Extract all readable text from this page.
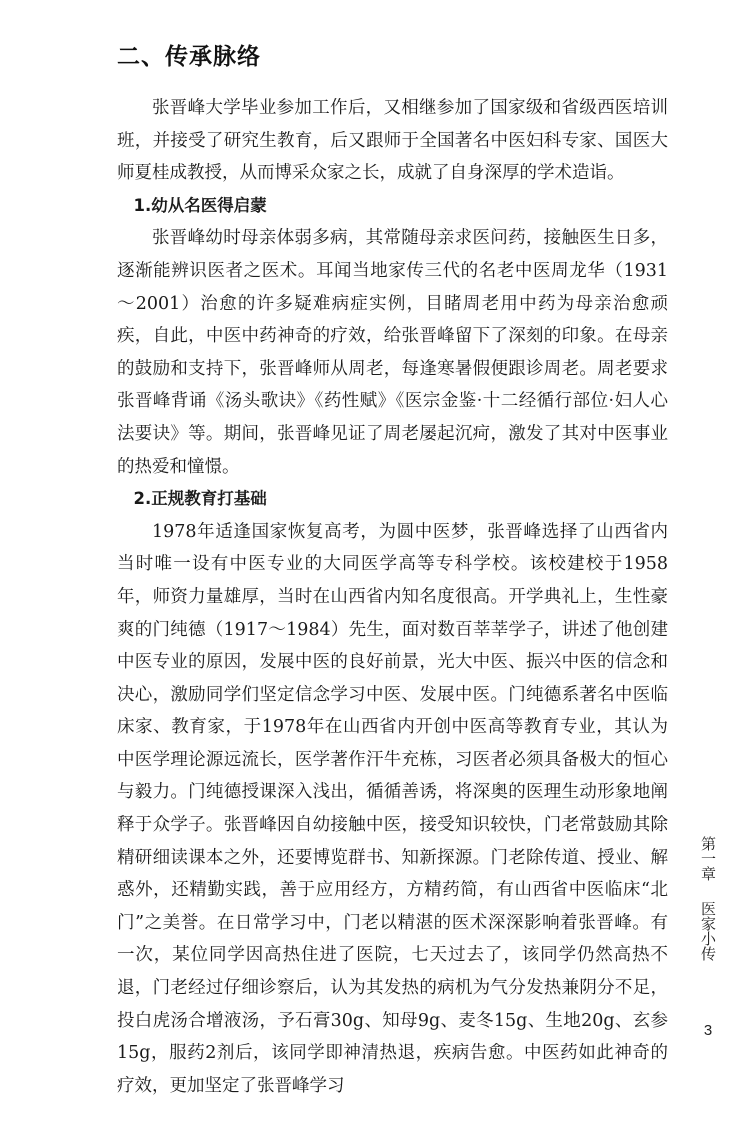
二、传承脉络

张晋峰大学毕业参加工作后，又相继参加了国家级和省级西医培训班，并接受了研究生教育，后又跟师于全国著名中医妇科专家、国医大师夏桂成教授，从而博采众家之长，成就了自身深厚的学术造诣。

1.幼从名医得启蒙

张晋峰幼时母亲体弱多病，其常随母亲求医问药，接触医生日多，逐渐能辨识医者之医术。耳闻当地家传三代的名老中医周龙华（1931～2001）治愈的许多疑难病症实例，目睹周老用中药为母亲治愈顽疾，自此，中医中药神奇的疗效，给张晋峰留下了深刻的印象。在母亲的鼓励和支持下，张晋峰师从周老，每逢寒暑假便跟诊周老。周老要求张晋峰背诵《汤头歌诀》《药性赋》《医宗金鉴·十二经循行部位·妇人心法要诀》等。期间，张晋峰见证了周老屡起沉疴，激发了其对中医事业的热爱和憧憬。

2.正规教育打基础

1978年适逢国家恢复高考，为圆中医梦，张晋峰选择了山西省内当时唯一设有中医专业的大同医学高等专科学校。该校建校于1958年，师资力量雄厚，当时在山西省内知名度很高。开学典礼上，生性豪爽的门纯德（1917～1984）先生，面对数百莘莘学子，讲述了他创建中医专业的原因，发展中医的良好前景，光大中医、振兴中医的信念和决心，激励同学们坚定信念学习中医、发展中医。门纯德系著名中医临床家、教育家，于1978年在山西省内开创中医高等教育专业，其认为中医学理论源远流长，医学著作汗牛充栋，习医者必须具备极大的恒心与毅力。门纯德授课深入浅出，循循善诱，将深奥的医理生动形象地阐释于众学子。张晋峰因自幼接触中医，接受知识较快，门老常鼓励其除精研细读课本之外，还要博览群书、知新探源。门老除传道、授业、解惑外，还精勤实践，善于应用经方，方精药简，有山西省中医临床“北门”之美誉。在日常学习中，门老以精湛的医术深深影响着张晋峰。有一次，某位同学因高热住进了医院，七天过去了，该同学仍然高热不退，门老经过仔细诊察后，认为其发热的病机为气分发热兼阴分不足，投白虎汤合增液汤，予石膏30g、知母9g、麦冬15g、生地20g、玄参15g，服药2剂后，该同学即神清热退，疾病告愈。中医药如此神奇的疗效，更加坚定了张晋峰学习

第一章
医家小传
3
